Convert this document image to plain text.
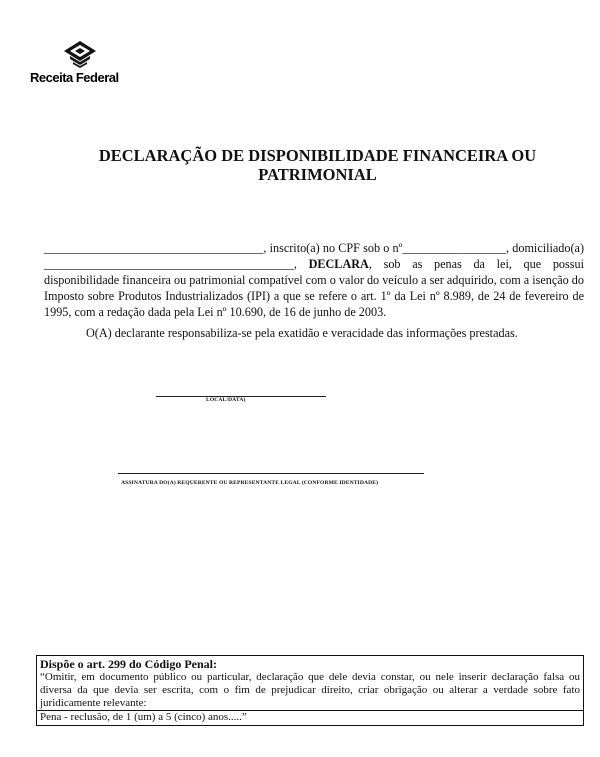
Receita Federal
DECLARAÇÃO DE DISPONIBILIDADE FINANCEIRA OU
PATRIMONIAL

____________________________________, inscrito(a) no CPF sob o nº_________________, domiciliado(a) _________________________________________, DECLARA, sob as penas da lei, que possui disponibilidade financeira ou patrimonial compatível com o valor do veículo a ser adquirido, com a isenção do Imposto sobre Produtos Industrializados (IPI) a que se refere o art. 1º da Lei nº 8.989, de 24 de fevereiro de 1995, com a redação dada pela Lei nº 10.690, de 16 de junho de 2003.

O(A) declarante responsabiliza-se pela exatidão e veracidade das informações prestadas.

LOCAL/DATA)

ASSINATURA DO(A) REQUERENTE OU REPRESENTANTE LEGAL (CONFORME IDENTIDADE)

Dispõe o art. 299 do Código Penal:

“Omitir, em documento público ou particular, declaração que dele devia constar, ou nele inserir declaração falsa ou diversa da que devia ser escrita, com o fim de prejudicar direito, criar obrigação ou alterar a verdade sobre fato juridicamente relevante:

Pena - reclusão, de 1 (um) a 5 (cinco) anos.....”
